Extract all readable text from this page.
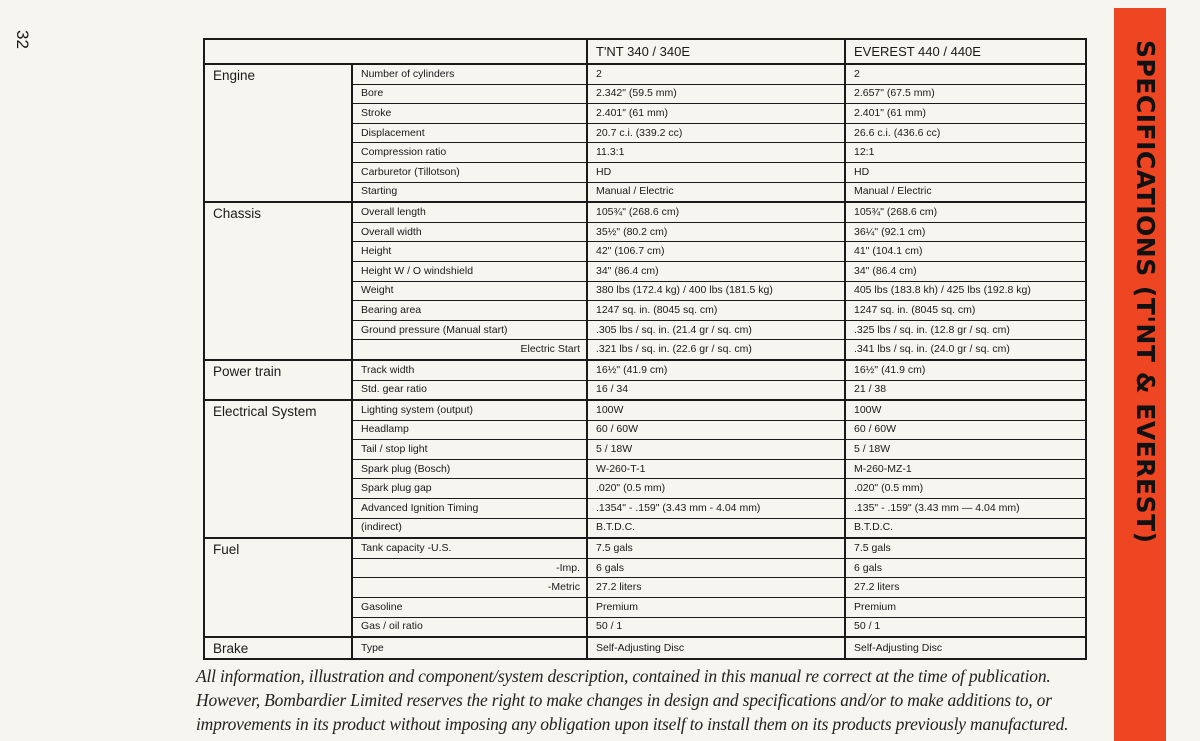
32
		T'NT 340 / 340E	EVEREST 440 / 440E
Engine	Number of cylinders	2	2
	Bore	2.342" (59.5 mm)	2.657" (67.5 mm)
	Stroke	2.401" (61 mm)	2.401" (61 mm)
	Displacement	20.7 c.i. (339.2 cc)	26.6 c.i. (436.6 cc)
	Compression ratio	11.3:1	12:1
	Carburetor (Tillotson)	HD	HD
	Starting	Manual / Electric	Manual / Electric
Chassis	Overall length	105¾" (268.6 cm)	105¾" (268.6 cm)
	Overall width	35½" (80.2 cm)	36¼" (92.1 cm)
	Height	42" (106.7 cm)	41" (104.1 cm)
	Height W / O windshield	34" (86.4 cm)	34" (86.4 cm)
	Weight	380 lbs (172.4 kg) / 400 lbs (181.5 kg)	405 lbs (183.8 kh) / 425 lbs (192.8 kg)
	Bearing area	1247 sq. in. (8045 sq. cm)	1247 sq. in. (8045 sq. cm)
	Ground pressure (Manual start)	.305 lbs / sq. in. (21.4 gr / sq. cm)	.325 lbs / sq. in. (12.8 gr / sq. cm)
	Electric Start	.321 lbs / sq. in. (22.6 gr / sq. cm)	.341 lbs / sq. in. (24.0 gr / sq. cm)
Power train	Track width	16½" (41.9 cm)	16½" (41.9 cm)
	Std. gear ratio	16 / 34	21 / 38
Electrical System	Lighting system (output)	100W	100W
	Headlamp	60 / 60W	60 / 60W
	Tail / stop light	5 / 18W	5 / 18W
	Spark plug (Bosch)	W-260-T-1	M-260-MZ-1
	Spark plug gap	.020" (0.5 mm)	.020" (0.5 mm)
	Advanced Ignition Timing	.1354" - .159" (3.43 mm - 4.04 mm)	.135" - .159" (3.43 mm — 4.04 mm)
	(indirect)	B.T.D.C.	B.T.D.C.
Fuel	Tank capacity -U.S.	7.5 gals	7.5 gals
	-Imp.	6 gals	6 gals
	-Metric	27.2 liters	27.2 liters
	Gasoline	Premium	Premium
	Gas / oil ratio	50 / 1	50 / 1
Brake	Type	Self-Adjusting Disc	Self-Adjusting Disc

All information, illustration and component/system description, contained in this manual re correct at the time of publication. However, Bombardier Limited reserves the right to make changes in design and specifications and/or to make additions to, or improvements in its product without imposing any obligation upon itself to install them on its products previously manufactured.

SPECIFICATIONS (T'NT & EVEREST)
